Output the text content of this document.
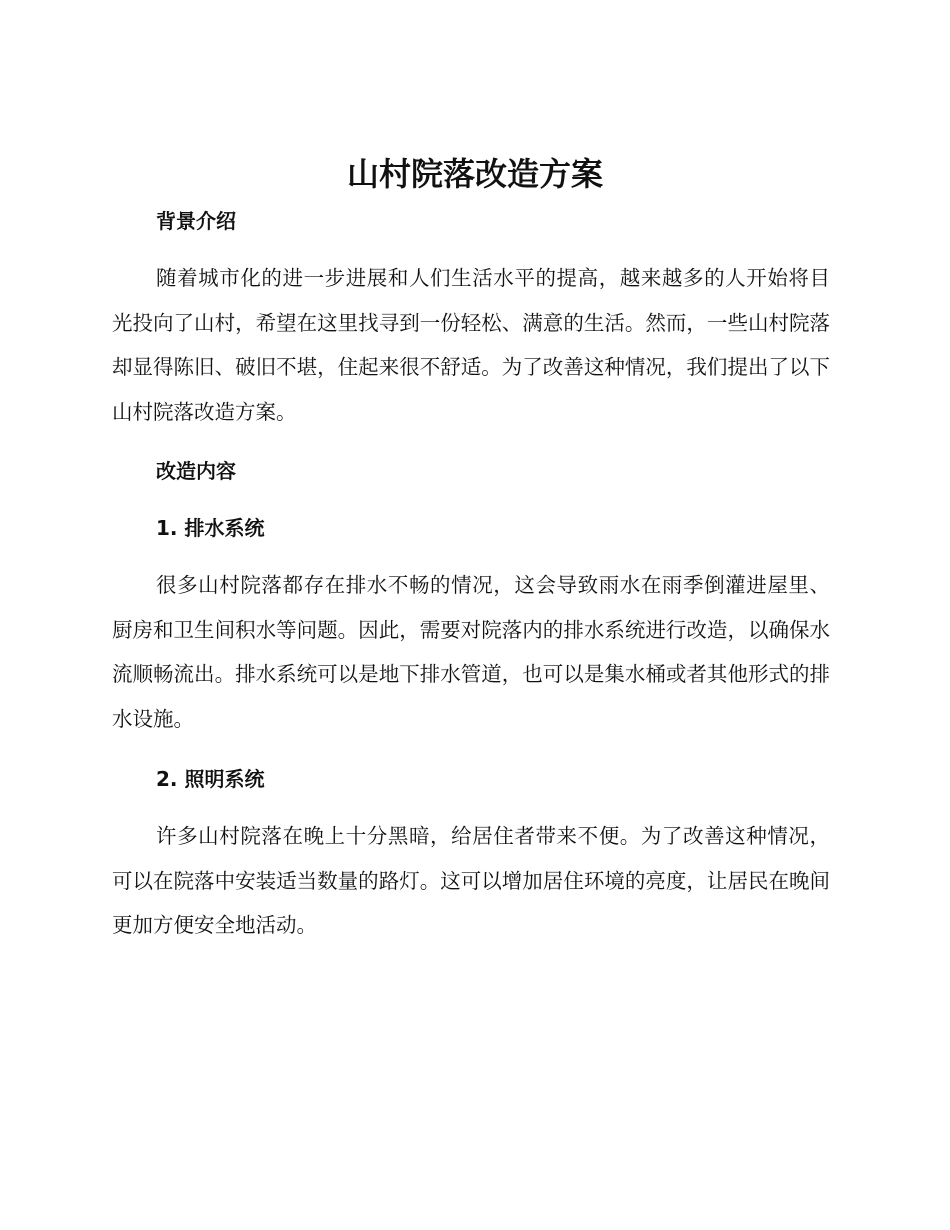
山村院落改造方案
背景介绍

随着城市化的进一步进展和人们生活水平的提高，越来越多的人开始将目光投向了山村，希望在这里找寻到一份轻松、满意的生活。然而，一些山村院落却显得陈旧、破旧不堪，住起来很不舒适。为了改善这种情况，我们提出了以下山村院落改造方案。

改造内容
1. 排水系统

很多山村院落都存在排水不畅的情况，这会导致雨水在雨季倒灌进屋里、厨房和卫生间积水等问题。因此，需要对院落内的排水系统进行改造，以确保水流顺畅流出。排水系统可以是地下排水管道，也可以是集水桶或者其他形式的排水设施。

2. 照明系统

许多山村院落在晚上十分黑暗，给居住者带来不便。为了改善这种情况，可以在院落中安装适当数量的路灯。这可以增加居住环境的亮度，让居民在晚间更加方便安全地活动。
